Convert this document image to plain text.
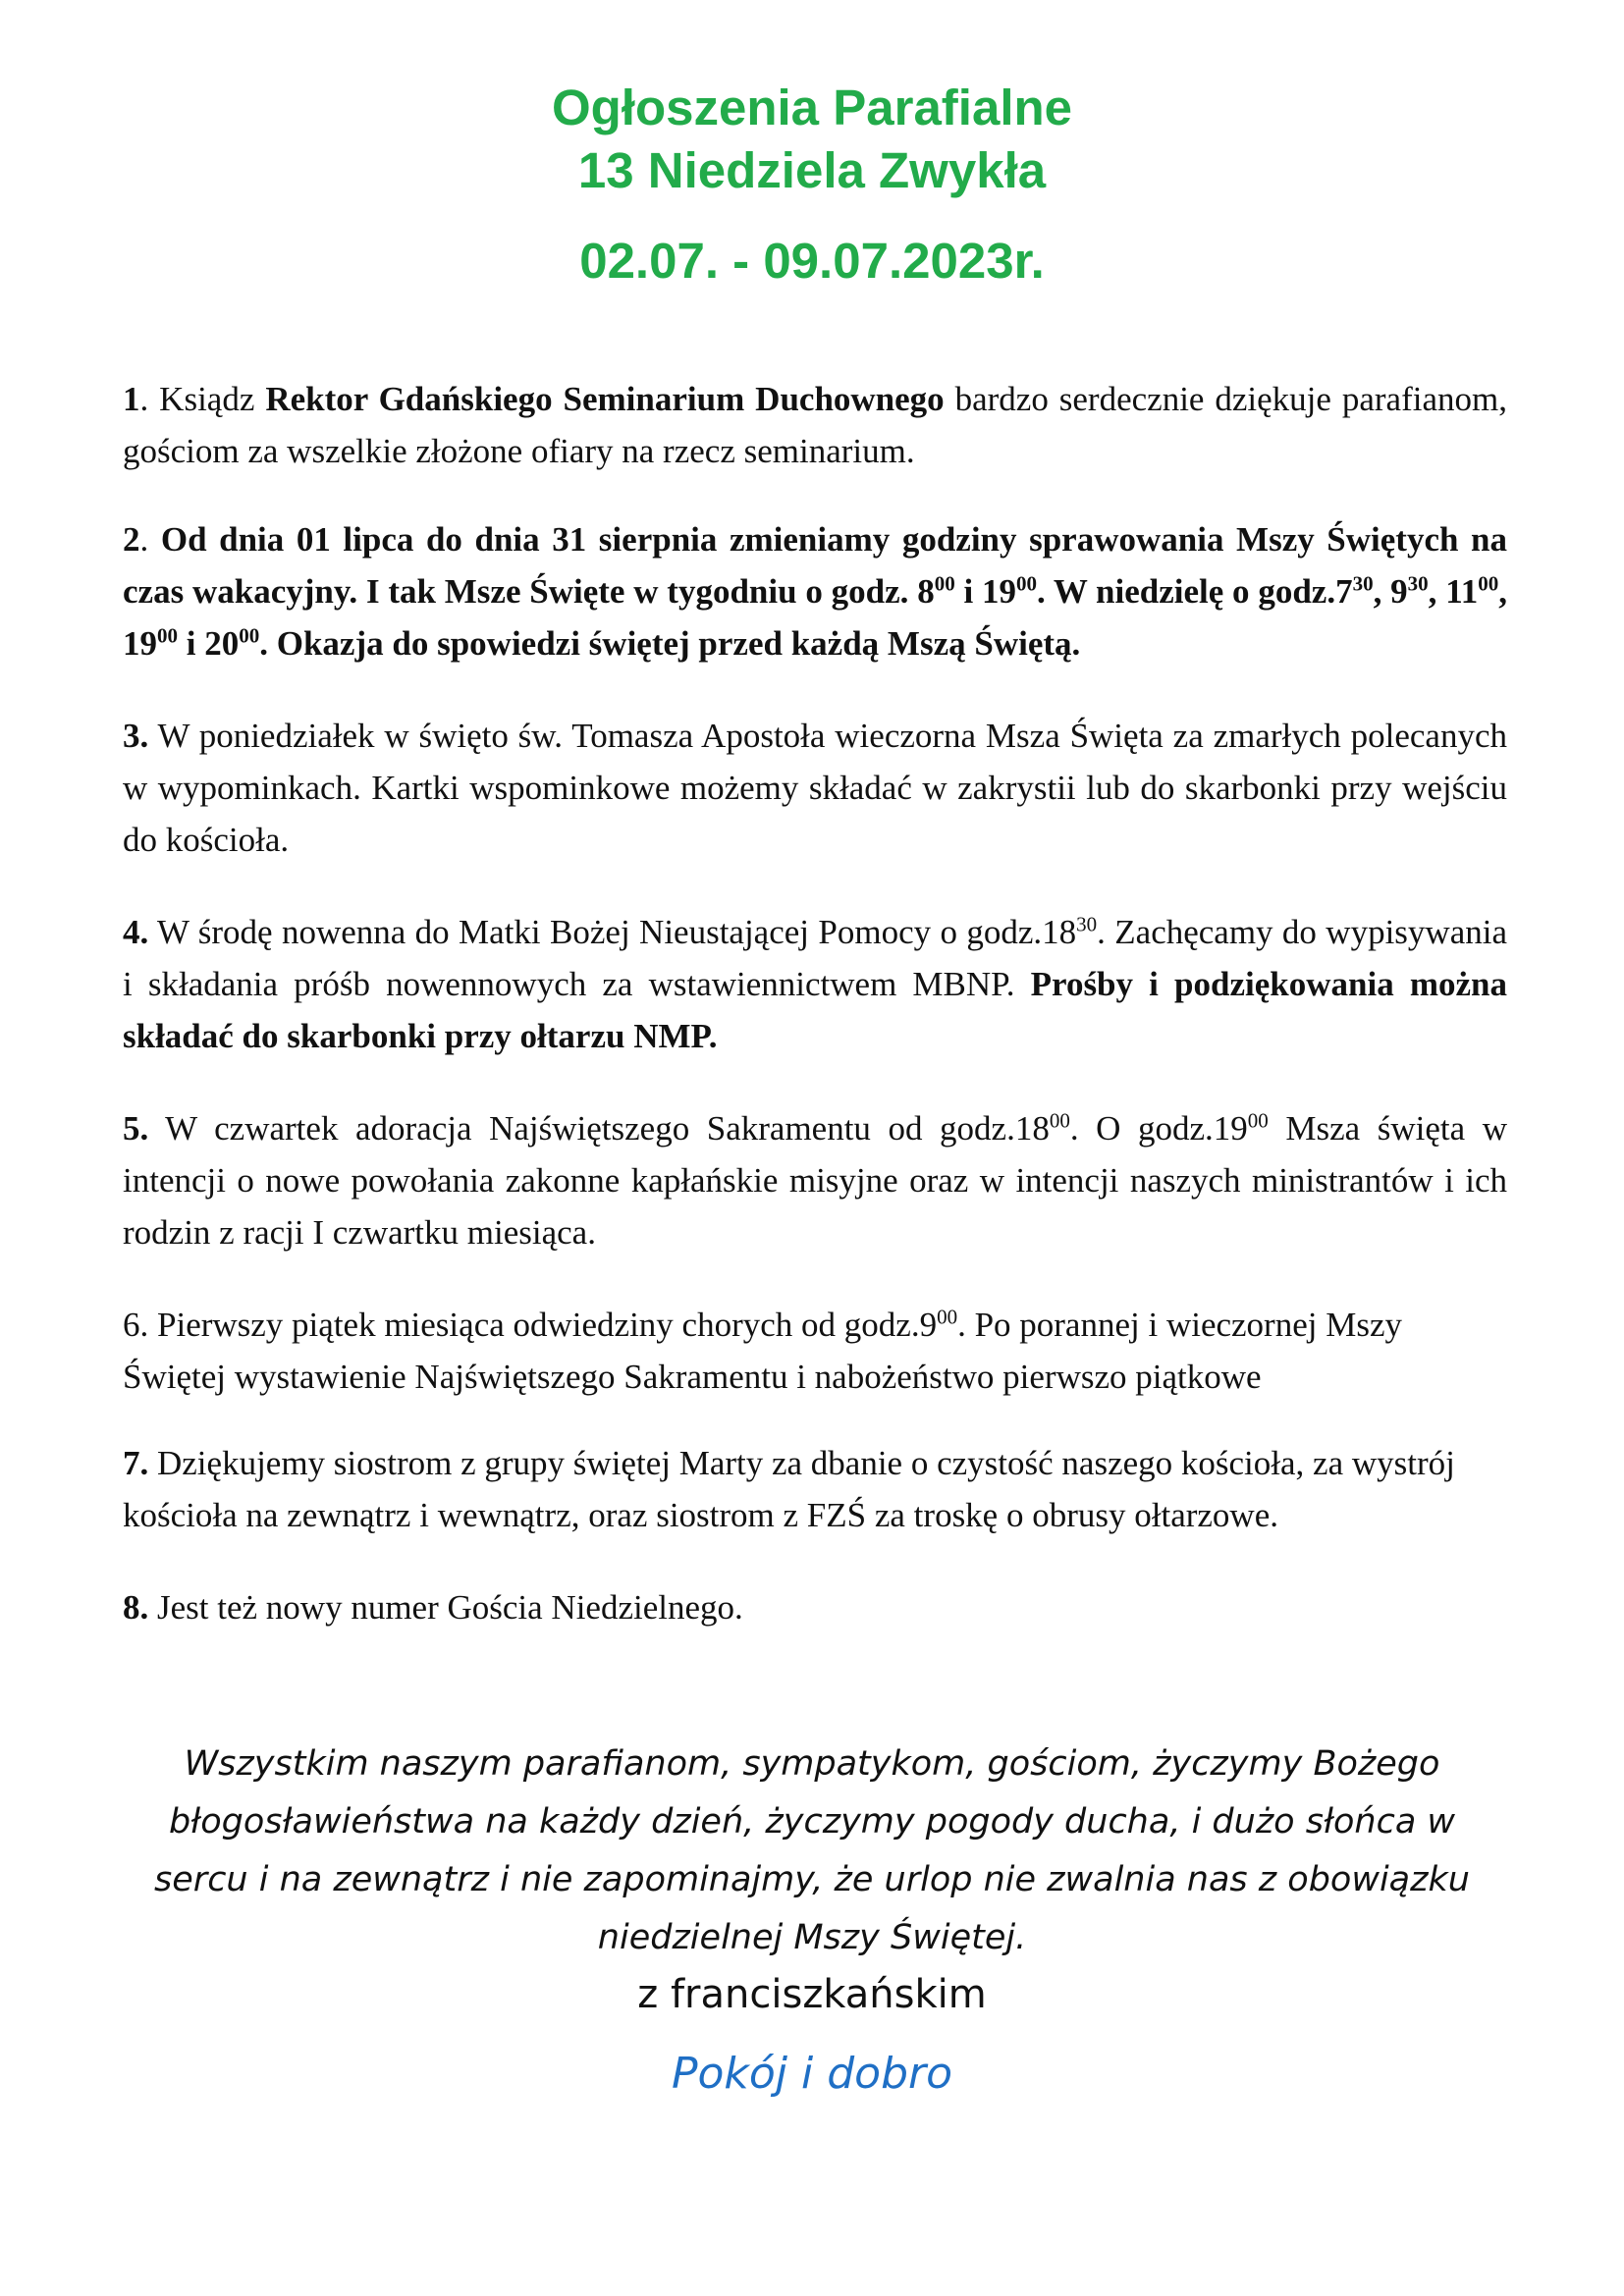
Ogłoszenia Parafialne
13 Niedziela Zwykła
02.07. - 09.07.2023r.

1. Ksiądz Rektor Gdańskiego Seminarium Duchownego bardzo serdecznie dziękuje parafianom, gościom za wszelkie złożone ofiary na rzecz seminarium.

2. Od dnia 01 lipca do dnia 31 sierpnia zmieniamy godziny sprawowania Mszy Świętych na czas wakacyjny. I tak Msze Święte w tygodniu o godz. $8^{00}$ i $19^{00}$. W niedzielę o $godz.7^{30}$, $9^{30}$, $11^{00}$, $19^{00}$ i $20^{00}$. Okazja do spowiedzi świętej przed każdą Mszą Świętą.

3. W poniedziałek w święto św. Tomasza Apostoła wieczorna Msza Święta za zmarłych polecanych w wypominkach. Kartki wspominkowe możemy składać w zakrystii lub do skarbonki przy wejściu do kościoła.

4. W środę nowenna do Matki Bożej Nieustającej Pomocy o $godz.18^{30}$. Zachęcamy do wypisywania i składania próśb nowennowych za wstawiennictwem MBNP. Prośby i podziękowania można składać do skarbonki przy ołtarzu NMP.

5. W czwartek adoracja Najświętszego Sakramentu od $godz.18^{00}$. O $godz.19^{00}$ Msza święta w intencji o nowe powołania zakonne kapłańskie misyjne oraz w intencji naszych ministrantów i ich rodzin z racji I czwartku miesiąca.

6. Pierwszy piątek miesiąca odwiedziny chorych od $godz.9^{00}$. Po porannej i wieczornej Mszy Świętej wystawienie Najświętszego Sakramentu i nabożeństwo pierwszo piątkowe

7. Dziękujemy siostrom z grupy świętej Marty za dbanie o czystość naszego kościoła, za wystrój kościoła na zewnątrz i wewnątrz, oraz siostrom z FZŚ za troskę o obrusy ołtarzowe.

8. Jest też nowy numer Gościa Niedzielnego.

Wszystkim naszym parafianom, sympatykom, gościom, życzymy Bożego
błogosławieństwa na każdy dzień, życzymy pogody ducha, i dużo słońca w
sercu i na zewnątrz i nie zapominajmy, że urlop nie zwalnia nas z obowiązku
niedzielnej Mszy Świętej.
z franciszkańskim
Pokój i dobro
